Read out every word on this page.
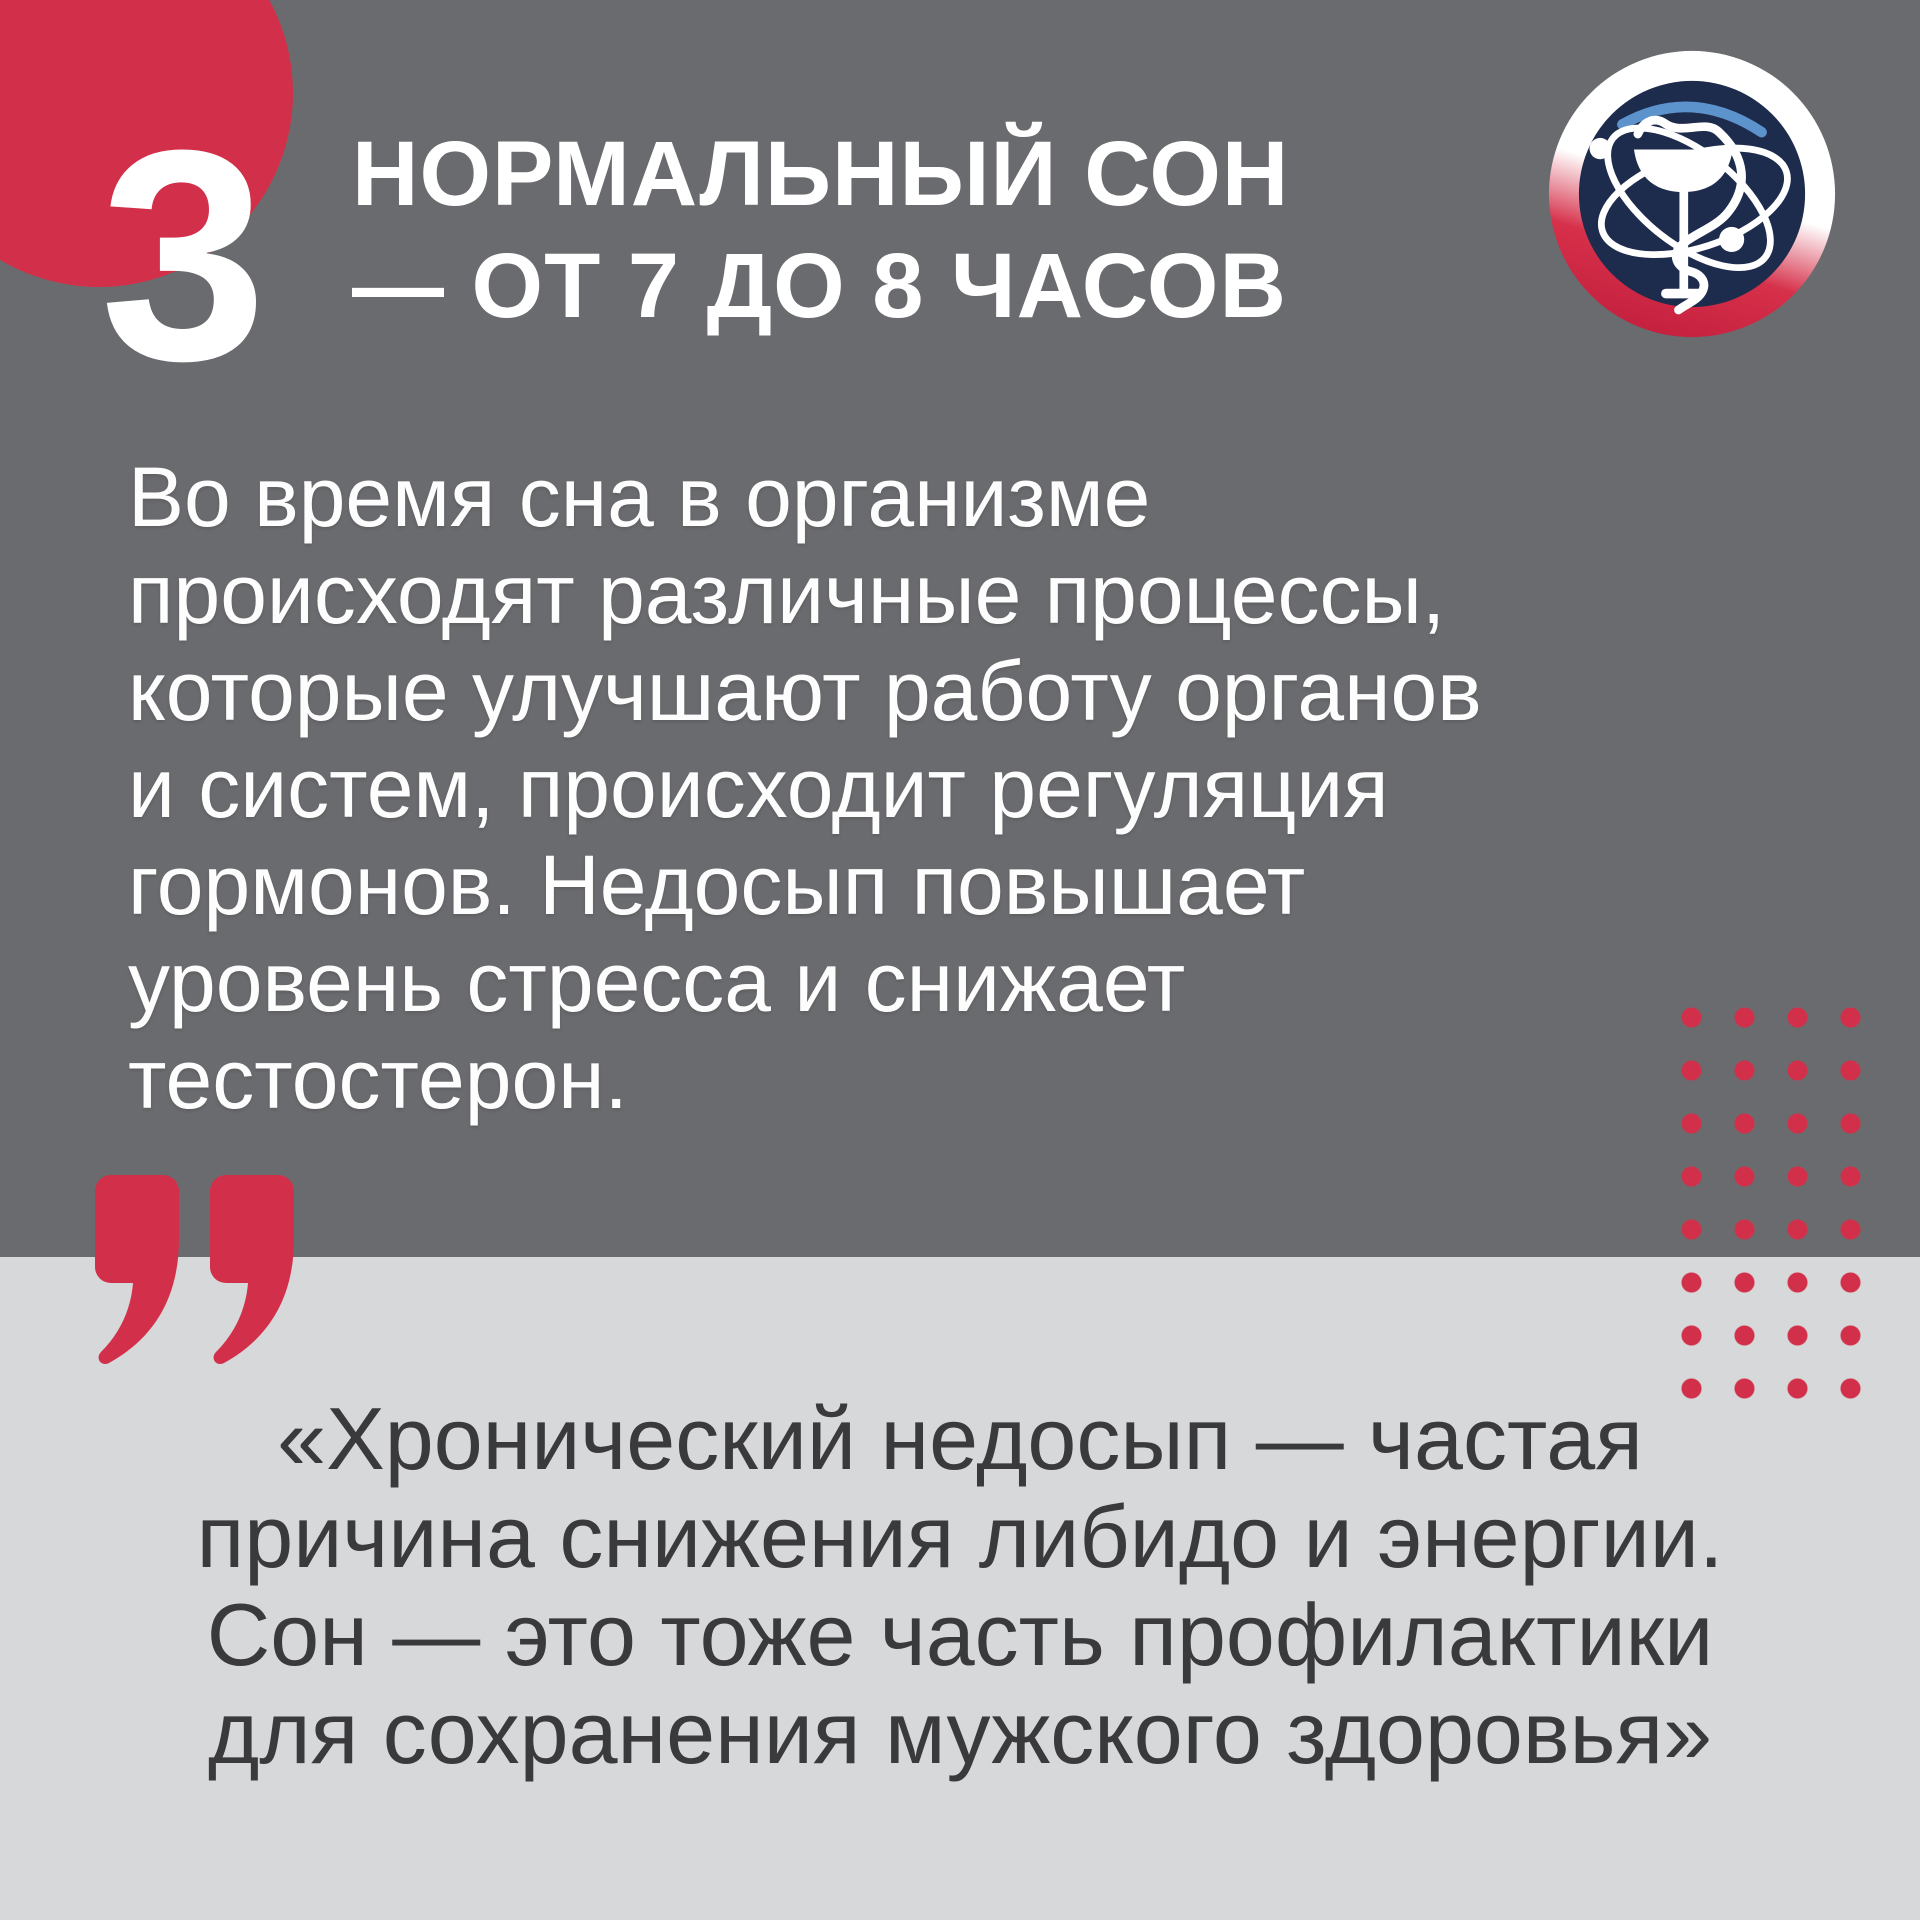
3 НОРМАЛЬНЫЙ СОН
— ОТ 7 ДО 8 ЧАСОВ
Во время сна в организме
происходят различные процессы,
которые улучшают работу органов
и систем, происходит регуляция
гормонов. Недосып повышает
уровень стресса и снижает
тестостерон.
«Хронический недосып — частая
причина снижения либидо и энергии.
Сон — это тоже часть профилактики
для сохранения мужского здоровья»
